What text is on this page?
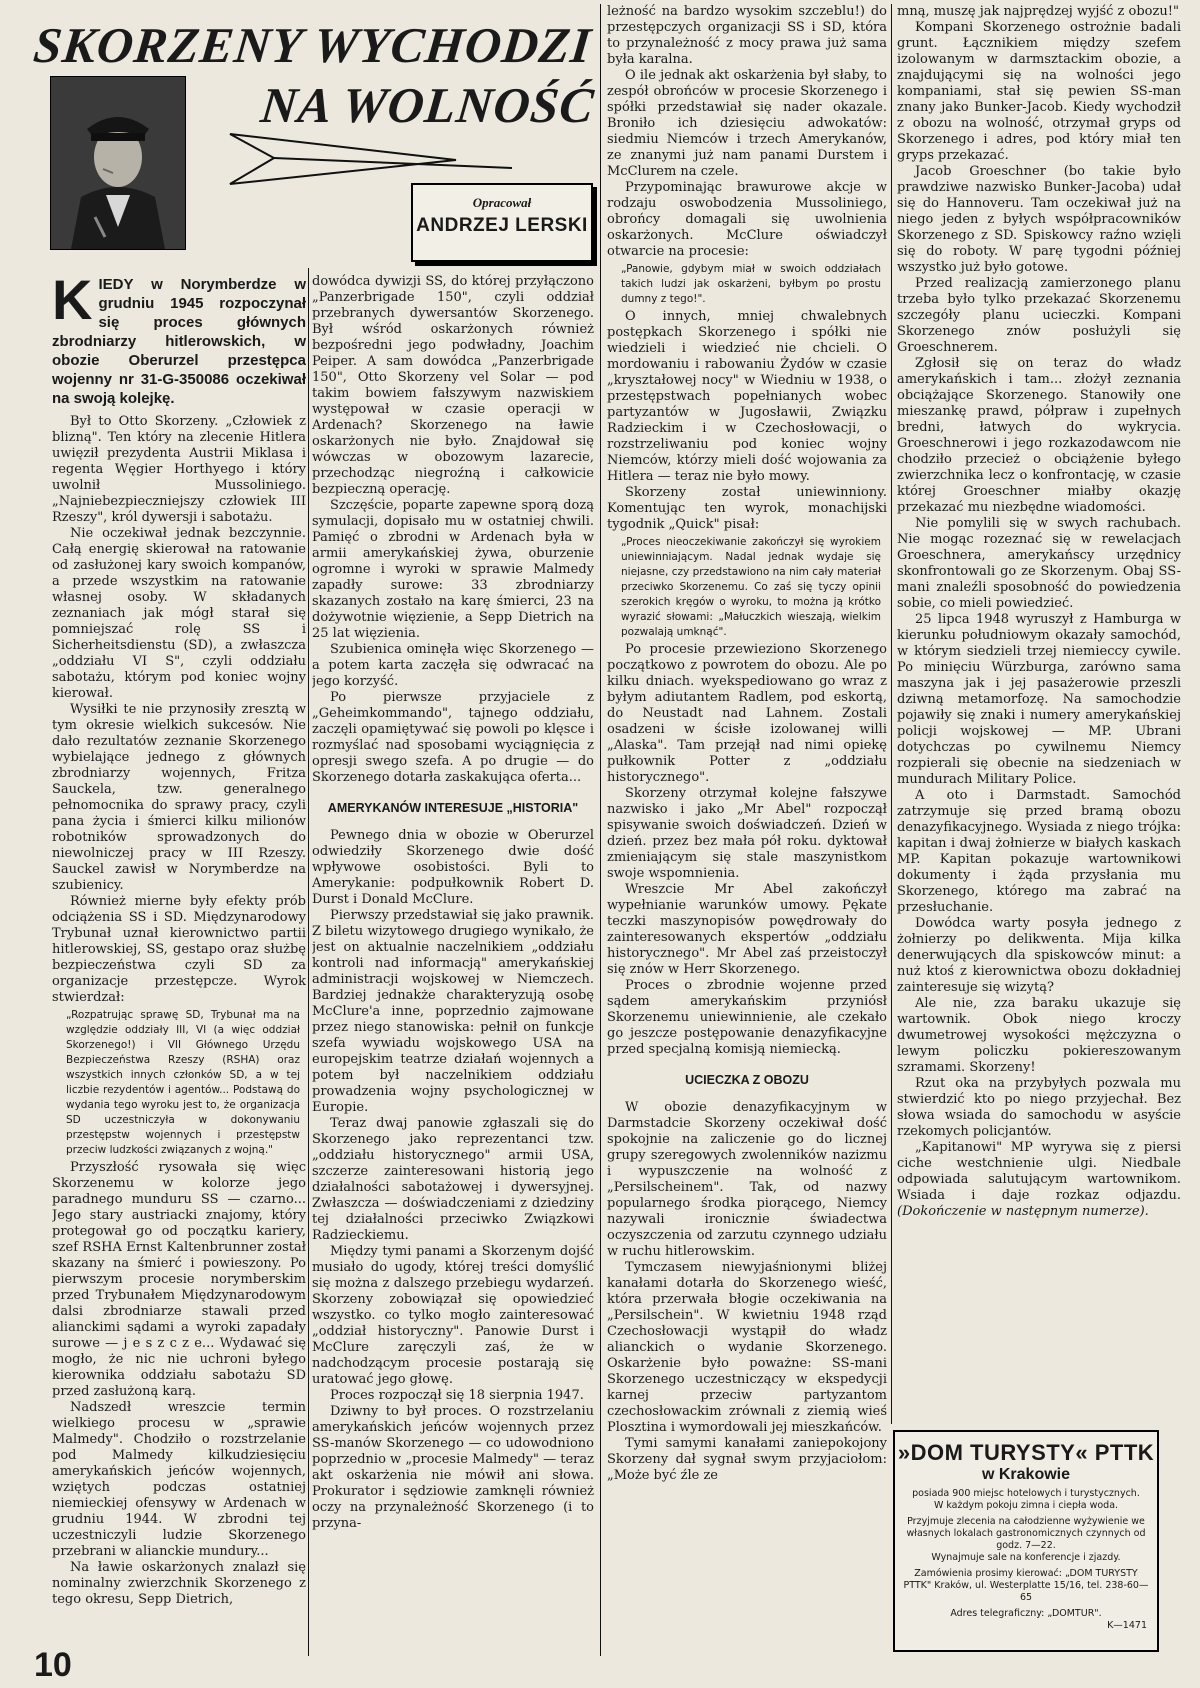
SKORZENY WYCHODZI
NA WOLNOŚĆ
Opracował
ANDRZEJ LERSKI
KIEDY w Norymberdze w grudniu 1945 rozpoczynał się proces głównych zbrodniarzy hitlerowskich, w obozie Oberurzel przestępca wojenny nr 31-G-350086 oczekiwał na swoją kolejkę.

Był to Otto Skorzeny. „Człowiek z blizną". Ten który na zlecenie Hitlera uwięził prezydenta Austrii Miklasa i regenta Węgier Horthyego i który uwolnił Mussoliniego. „Najniebezpieczniejszy człowiek III Rzeszy", król dywersji i sabotażu.

Nie oczekiwał jednak bezczynnie. Całą energię skierował na ratowanie od zasłużonej kary swoich kompanów, a przede wszystkim na ratowanie własnej osoby. W składanych zeznaniach jak mógł starał się pomniejszać rolę SS i Sicherheitsdienstu (SD), a zwłaszcza „oddziału VI S", czyli oddziału sabotażu, którym pod koniec wojny kierował.

Wysiłki te nie przynosiły zresztą w tym okresie wielkich sukcesów. Nie dało rezultatów zeznanie Skorzenego wybielające jednego z głównych zbrodniarzy wojennych, Fritza Sauckela, tzw. generalnego pełnomocnika do sprawy pracy, czyli pana życia i śmierci kilku milionów robotników sprowadzonych do niewolniczej pracy w III Rzeszy. Sauckel zawisł w Norymberdze na szubienicy.

Również mierne były efekty prób odciążenia SS i SD. Międzynarodowy Trybunał uznał kierownictwo partii hitlerowskiej, SS, gestapo oraz służbę bezpieczeństwa czyli SD za organizacje przestępcze. Wyrok stwierdzał:

„Rozpatrując sprawę SD, Trybunał ma na względzie oddziały III, VI (a więc oddział Skorzenego!) i VII Głównego Urzędu Bezpieczeństwa Rzeszy (RSHA) oraz wszystkich innych członków SD, a w tej liczbie rezydentów i agentów... Podstawą do wydania tego wyroku jest to, że organizacja SD uczestniczyła w dokonywaniu przestępstw wojennych i przestępstw przeciw ludzkości związanych z wojną."

Przyszłość rysowała się więc Skorzenemu w kolorze jego paradnego munduru SS — czarno... Jego stary austriacki znajomy, który protegował go od początku kariery, szef RSHA Ernst Kaltenbrunner został skazany na śmierć i powieszony. Po pierwszym procesie norymberskim przed Trybunałem Międzynarodowym dalsi zbrodniarze stawali przed alianckimi sądami a wyroki zapadały surowe — j e s z c z e... Wydawać się mogło, że nic nie uchroni byłego kierownika oddziału sabotażu SD przed zasłużoną karą.

Nadszedł wreszcie termin wielkiego procesu w „sprawie Malmedy". Chodziło o rozstrzelanie pod Malmedy kilkudziesięciu amerykańskich jeńców wojennych, wziętych podczas ostatniej niemieckiej ofensywy w Ardenach w grudniu 1944. W zbrodni tej uczestniczyli ludzie Skorzenego przebrani w alianckie mundury...

Na ławie oskarżonych znalazł się nominalny zwierzchnik Skorzenego z tego okresu, Sepp Dietrich,

dowódca dywizji SS, do której przyłączono „Panzerbrigade 150", czyli oddział przebranych dywersantów Skorzenego. Był wśród oskarżonych również bezpośredni jego podwładny, Joachim Peiper. A sam dowódca „Panzerbrigade 150", Otto Skorzeny vel Solar — pod takim bowiem fałszywym nazwiskiem występował w czasie operacji w Ardenach? Skorzenego na ławie oskarżonych nie było. Znajdował się wówczas w obozowym lazarecie, przechodząc niegroźną i całkowicie bezpieczną operację.

Szczęście, poparte zapewne sporą dozą symulacji, dopisało mu w ostatniej chwili. Pamięć o zbrodni w Ardenach była w armii amerykańskiej żywa, oburzenie ogromne i wyroki w sprawie Malmedy zapadły surowe: 33 zbrodniarzy skazanych zostało na karę śmierci, 23 na dożywotnie więzienie, a Sepp Dietrich na 25 lat więzienia.

Szubienica ominęła więc Skorzenego — a potem karta zaczęła się odwracać na jego korzyść.

Po pierwsze przyjaciele z „Geheimkommando", tajnego oddziału, zaczęli opamiętywać się powoli po klęsce i rozmyślać nad sposobami wyciągnięcia z opresji swego szefa. A po drugie — do Skorzenego dotarła zaskakująca oferta...

AMERYKANÓW INTERESUJE „HISTORIA"

Pewnego dnia w obozie w Oberurzel odwiedziły Skorzenego dwie dość wpływowe osobistości. Byli to Amerykanie: podpułkownik Robert D. Durst i Donald McClure.

Pierwszy przedstawiał się jako prawnik. Z biletu wizytowego drugiego wynikało, że jest on aktualnie naczelnikiem „oddziału kontroli nad informacją" amerykańskiej administracji wojskowej w Niemczech. Bardziej jednakże charakteryzują osobę McClure'a inne, poprzednio zajmowane przez niego stanowiska: pełnił on funkcje szefa wywiadu wojskowego USA na europejskim teatrze działań wojennych a potem był naczelnikiem oddziału prowadzenia wojny psychologicznej w Europie.

Teraz dwaj panowie zgłaszali się do Skorzenego jako reprezentanci tzw. „oddziału historycznego" armii USA, szczerze zainteresowani historią jego działalności sabotażowej i dywersyjnej. Zwłaszcza — doświadczeniami z dziedziny tej działalności przeciwko Związkowi Radzieckiemu.

Między tymi panami a Skorzenym dojść musiało do ugody, której treści domyślić się można z dalszego przebiegu wydarzeń. Skorzeny zobowiązał się opowiedzieć wszystko. co tylko mogło zainteresować „oddział historyczny". Panowie Durst i McClure zaręczyli zaś, że w nadchodzącym procesie postarają się uratować jego głowę.

Proces rozpoczął się 18 sierpnia 1947.

Dziwny to był proces. O rozstrzelaniu amerykańskich jeńców wojennych przez SS-manów Skorzenego — co udowodniono poprzednio w „procesie Malmedy" — teraz akt oskarżenia nie mówił ani słowa. Prokurator i sędziowie zamknęli również oczy na przynależność Skorzenego (i to przyna-

leżność na bardzo wysokim szczeblu!) do przestępczych organizacji SS i SD, która to przynależność z mocy prawa już sama była karalna.

O ile jednak akt oskarżenia był słaby, to zespół obrońców w procesie Skorzenego i spółki przedstawiał się nader okazale. Broniło ich dziesięciu adwokatów: siedmiu Niemców i trzech Amerykanów, ze znanymi już nam panami Durstem i McClurem na czele.

Przypominając brawurowe akcje w rodzaju oswobodzenia Mussoliniego, obrońcy domagali się uwolnienia oskarżonych. McClure oświadczył otwarcie na procesie:

„Panowie, gdybym miał w swoich oddziałach takich ludzi jak oskarżeni, byłbym po prostu dumny z tego!".

O innych, mniej chwalebnych postępkach Skorzenego i spółki nie wiedzieli i wiedzieć nie chcieli. O mordowaniu i rabowaniu Żydów w czasie „kryształowej nocy" w Wiedniu w 1938, o przestępstwach popełnianych wobec partyzantów w Jugosławii, Związku Radzieckim i w Czechosłowacji, o rozstrzeliwaniu pod koniec wojny Niemców, którzy mieli dość wojowania za Hitlera — teraz nie było mowy.

Skorzeny został uniewinniony. Komentując ten wyrok, monachijski tygodnik „Quick" pisał:

„Proces nieoczekiwanie zakończył się wyrokiem uniewinniającym. Nadal jednak wydaje się niejasne, czy przedstawiono na nim cały materiał przeciwko Skorzenemu. Co zaś się tyczy opinii szerokich kręgów o wyroku, to można ją krótko wyrazić słowami: „Małuczkich wieszają, wielkim pozwalają umknąć".

Po procesie przewieziono Skorzenego początkowo z powrotem do obozu. Ale po kilku dniach. wyekspediowano go wraz z byłym adiutantem Radlem, pod eskortą, do Neustadt nad Lahnem. Zostali osadzeni w ścisłe izolowanej willi „Alaska". Tam przejął nad nimi opiekę pułkownik Potter z „oddziału historycznego".

Skorzeny otrzymał kolejne fałszywe nazwisko i jako „Mr Abel" rozpoczął spisywanie swoich doświadczeń. Dzień w dzień. przez bez mała pół roku. dyktował zmieniającym się stale maszynistkom swoje wspomnienia.

Wreszcie Mr Abel zakończył wypełnianie warunków umowy. Pękate teczki maszynopisów powędrowały do zainteresowanych ekspertów „oddziału historycznego". Mr Abel zaś przeistoczył się znów w Herr Skorzenego.

Proces o zbrodnie wojenne przed sądem amerykańskim przyniósł Skorzenemu uniewinnienie, ale czekało go jeszcze postępowanie denazyfikacyjne przed specjalną komisją niemiecką.

UCIECZKA Z OBOZU

W obozie denazyfikacyjnym w Darmstadcie Skorzeny oczekiwał dość spokojnie na zaliczenie go do licznej grupy szeregowych zwolenników nazizmu i wypuszczenie na wolność z „Persilscheinem". Tak, od nazwy popularnego środka piorącego, Niemcy nazywali ironicznie świadectwa oczyszczenia od zarzutu czynnego udziału w ruchu hitlerowskim.

Tymczasem niewyjaśnionymi bliżej kanałami dotarła do Skorzenego wieść, która przerwała błogie oczekiwania na „Persilschein". W kwietniu 1948 rząd Czechosłowacji wystąpił do władz alianckich o wydanie Skorzenego. Oskarżenie było poważne: SS-mani Skorzenego uczestniczący w ekspedycji karnej przeciw partyzantom czechosłowackim zrównali z ziemią wieś Plosztina i wymordowali jej mieszkańców.

Tymi samymi kanałami zaniepokojony Skorzeny dał sygnał swym przyjaciołom: „Może być źle ze

mną, muszę jak najprędzej wyjść z obozu!"

Kompani Skorzenego ostrożnie badali grunt. Łącznikiem między szefem izolowanym w darmsztackim obozie, a znajdującymi się na wolności jego kompaniami, stał się pewien SS-man znany jako Bunker-Jacob. Kiedy wychodził z obozu na wolność, otrzymał gryps od Skorzenego i adres, pod który miał ten gryps przekazać.

Jacob Groeschner (bo takie było prawdziwe nazwisko Bunker-Jacoba) udał się do Hannoveru. Tam oczekiwał już na niego jeden z byłych współpracowników Skorzenego z SD. Spiskowcy raźno wzięli się do roboty. W parę tygodni później wszystko już było gotowe.

Przed realizacją zamierzonego planu trzeba było tylko przekazać Skorzenemu szczegóły planu ucieczki. Kompani Skorzenego znów posłużyli się Groeschnerem.

Zgłosił się on teraz do władz amerykańskich i tam... złożył zeznania obciążające Skorzenego. Stanowiły one mieszankę prawd, półpraw i zupełnych bredni, łatwych do wykrycia. Groeschnerowi i jego rozkazodawcom nie chodziło przecież o obciążenie byłego zwierzchnika lecz o konfrontację, w czasie której Groeschner miałby okazję przekazać mu niezbędne wiadomości.

Nie pomylili się w swych rachubach. Nie mogąc rozeznać się w rewelacjach Groeschnera, amerykańscy urzędnicy skonfrontowali go ze Skorzenym. Obaj SS-mani znaleźli sposobność do powiedzenia sobie, co mieli powiedzieć.

25 lipca 1948 wyruszył z Hamburga w kierunku południowym okazały samochód, w którym siedzieli trzej niemieccy cywile. Po minięciu Würzburga, zarówno sama maszyna jak i jej pasażerowie przeszli dziwną metamorfozę. Na samochodzie pojawiły się znaki i numery amerykańskiej policji wojskowej — MP. Ubrani dotychczas po cywilnemu Niemcy rozpierali się obecnie na siedzeniach w mundurach Military Police.

A oto i Darmstadt. Samochód zatrzymuje się przed bramą obozu denazyfikacyjnego. Wysiada z niego trójka: kapitan i dwaj żołnierze w białych kaskach MP. Kapitan pokazuje wartownikowi dokumenty i żąda przysłania mu Skorzenego, którego ma zabrać na przesłuchanie.

Dowódca warty posyła jednego z żołnierzy po delikwenta. Mija kilka denerwujących dla spiskowców minut: a nuż ktoś z kierownictwa obozu dokładniej zainteresuje się wizytą?

Ale nie, zza baraku ukazuje się wartownik. Obok niego kroczy dwumetrowej wysokości mężczyzna o lewym policzku pokiereszowanym szramami. Skorzeny!

Rzut oka na przybyłych pozwala mu stwierdzić kto po niego przyjechał. Bez słowa wsiada do samochodu w asyście rzekomych policjantów.

„Kapitanowi" MP wyrywa się z piersi ciche westchnienie ulgi. Niedbale odpowiada salutującym wartownikom. Wsiada i daje rozkaz odjazdu. (Dokończenie w następnym numerze).

»DOM TURYSTY« PTTK
w Krakowie
posiada 900 miejsc hotelowych i turystycznych.
W każdym pokoju zimna i ciepła woda.
Przyjmuje zlecenia na całodzienne wyżywienie we własnych lokalach gastronomicznych czynnych od godz. 7—22.
Wynajmuje sale na konferencje i zjazdy.
Zamówienia prosimy kierować: „DOM TURYSTY PTTK" Kraków, ul. Westerplatte 15/16, tel. 238-60—65
Adres telegraficzny: „DOMTUR".
K—1471
10
